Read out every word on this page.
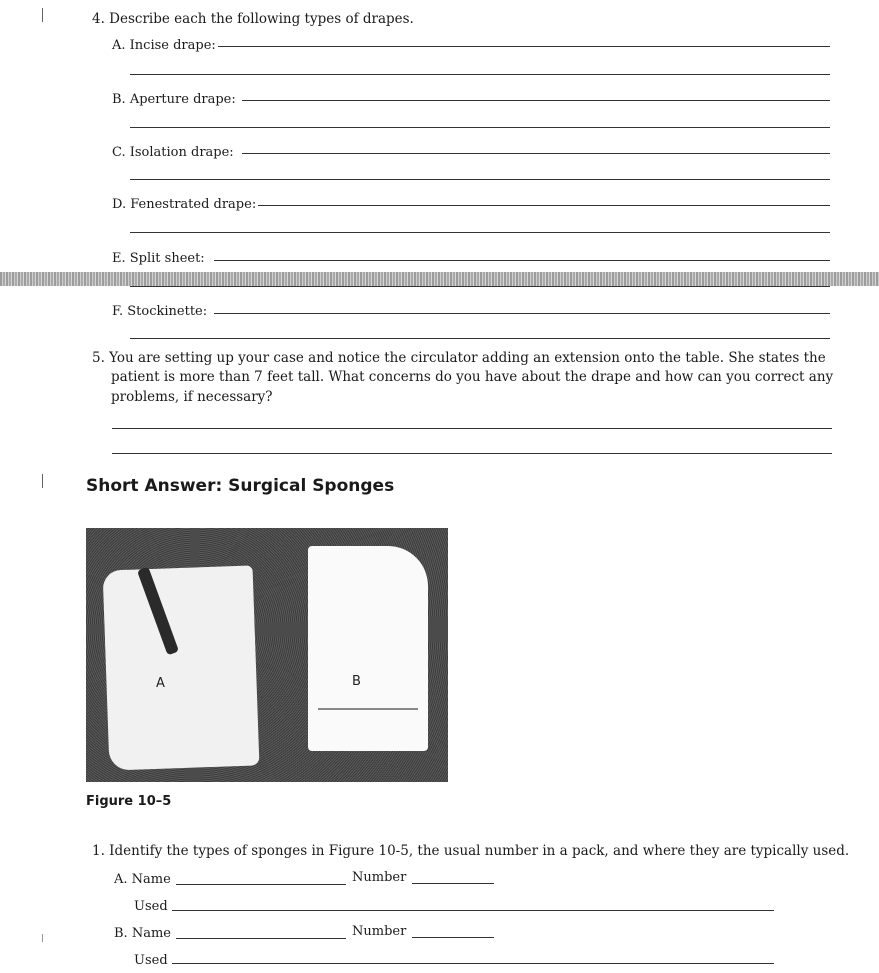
4. Describe each the following types of drapes.
A. Incise drape:
B. Aperture drape:
C. Isolation drape:
D. Fenestrated drape:
E. Split sheet:
F. Stockinette:
5. You are setting up your case and notice the circulator adding an extension onto the table. She states the
patient is more than 7 feet tall. What concerns do you have about the drape and how can you correct any
problems, if necessary?
Short Answer: Surgical Sponges
A	B
Figure 10–5
1. Identify the types of sponges in Figure 10-5, the usual number in a pack, and where they are typically used.
A. Name	Number
Used
B. Name	Number
Used
